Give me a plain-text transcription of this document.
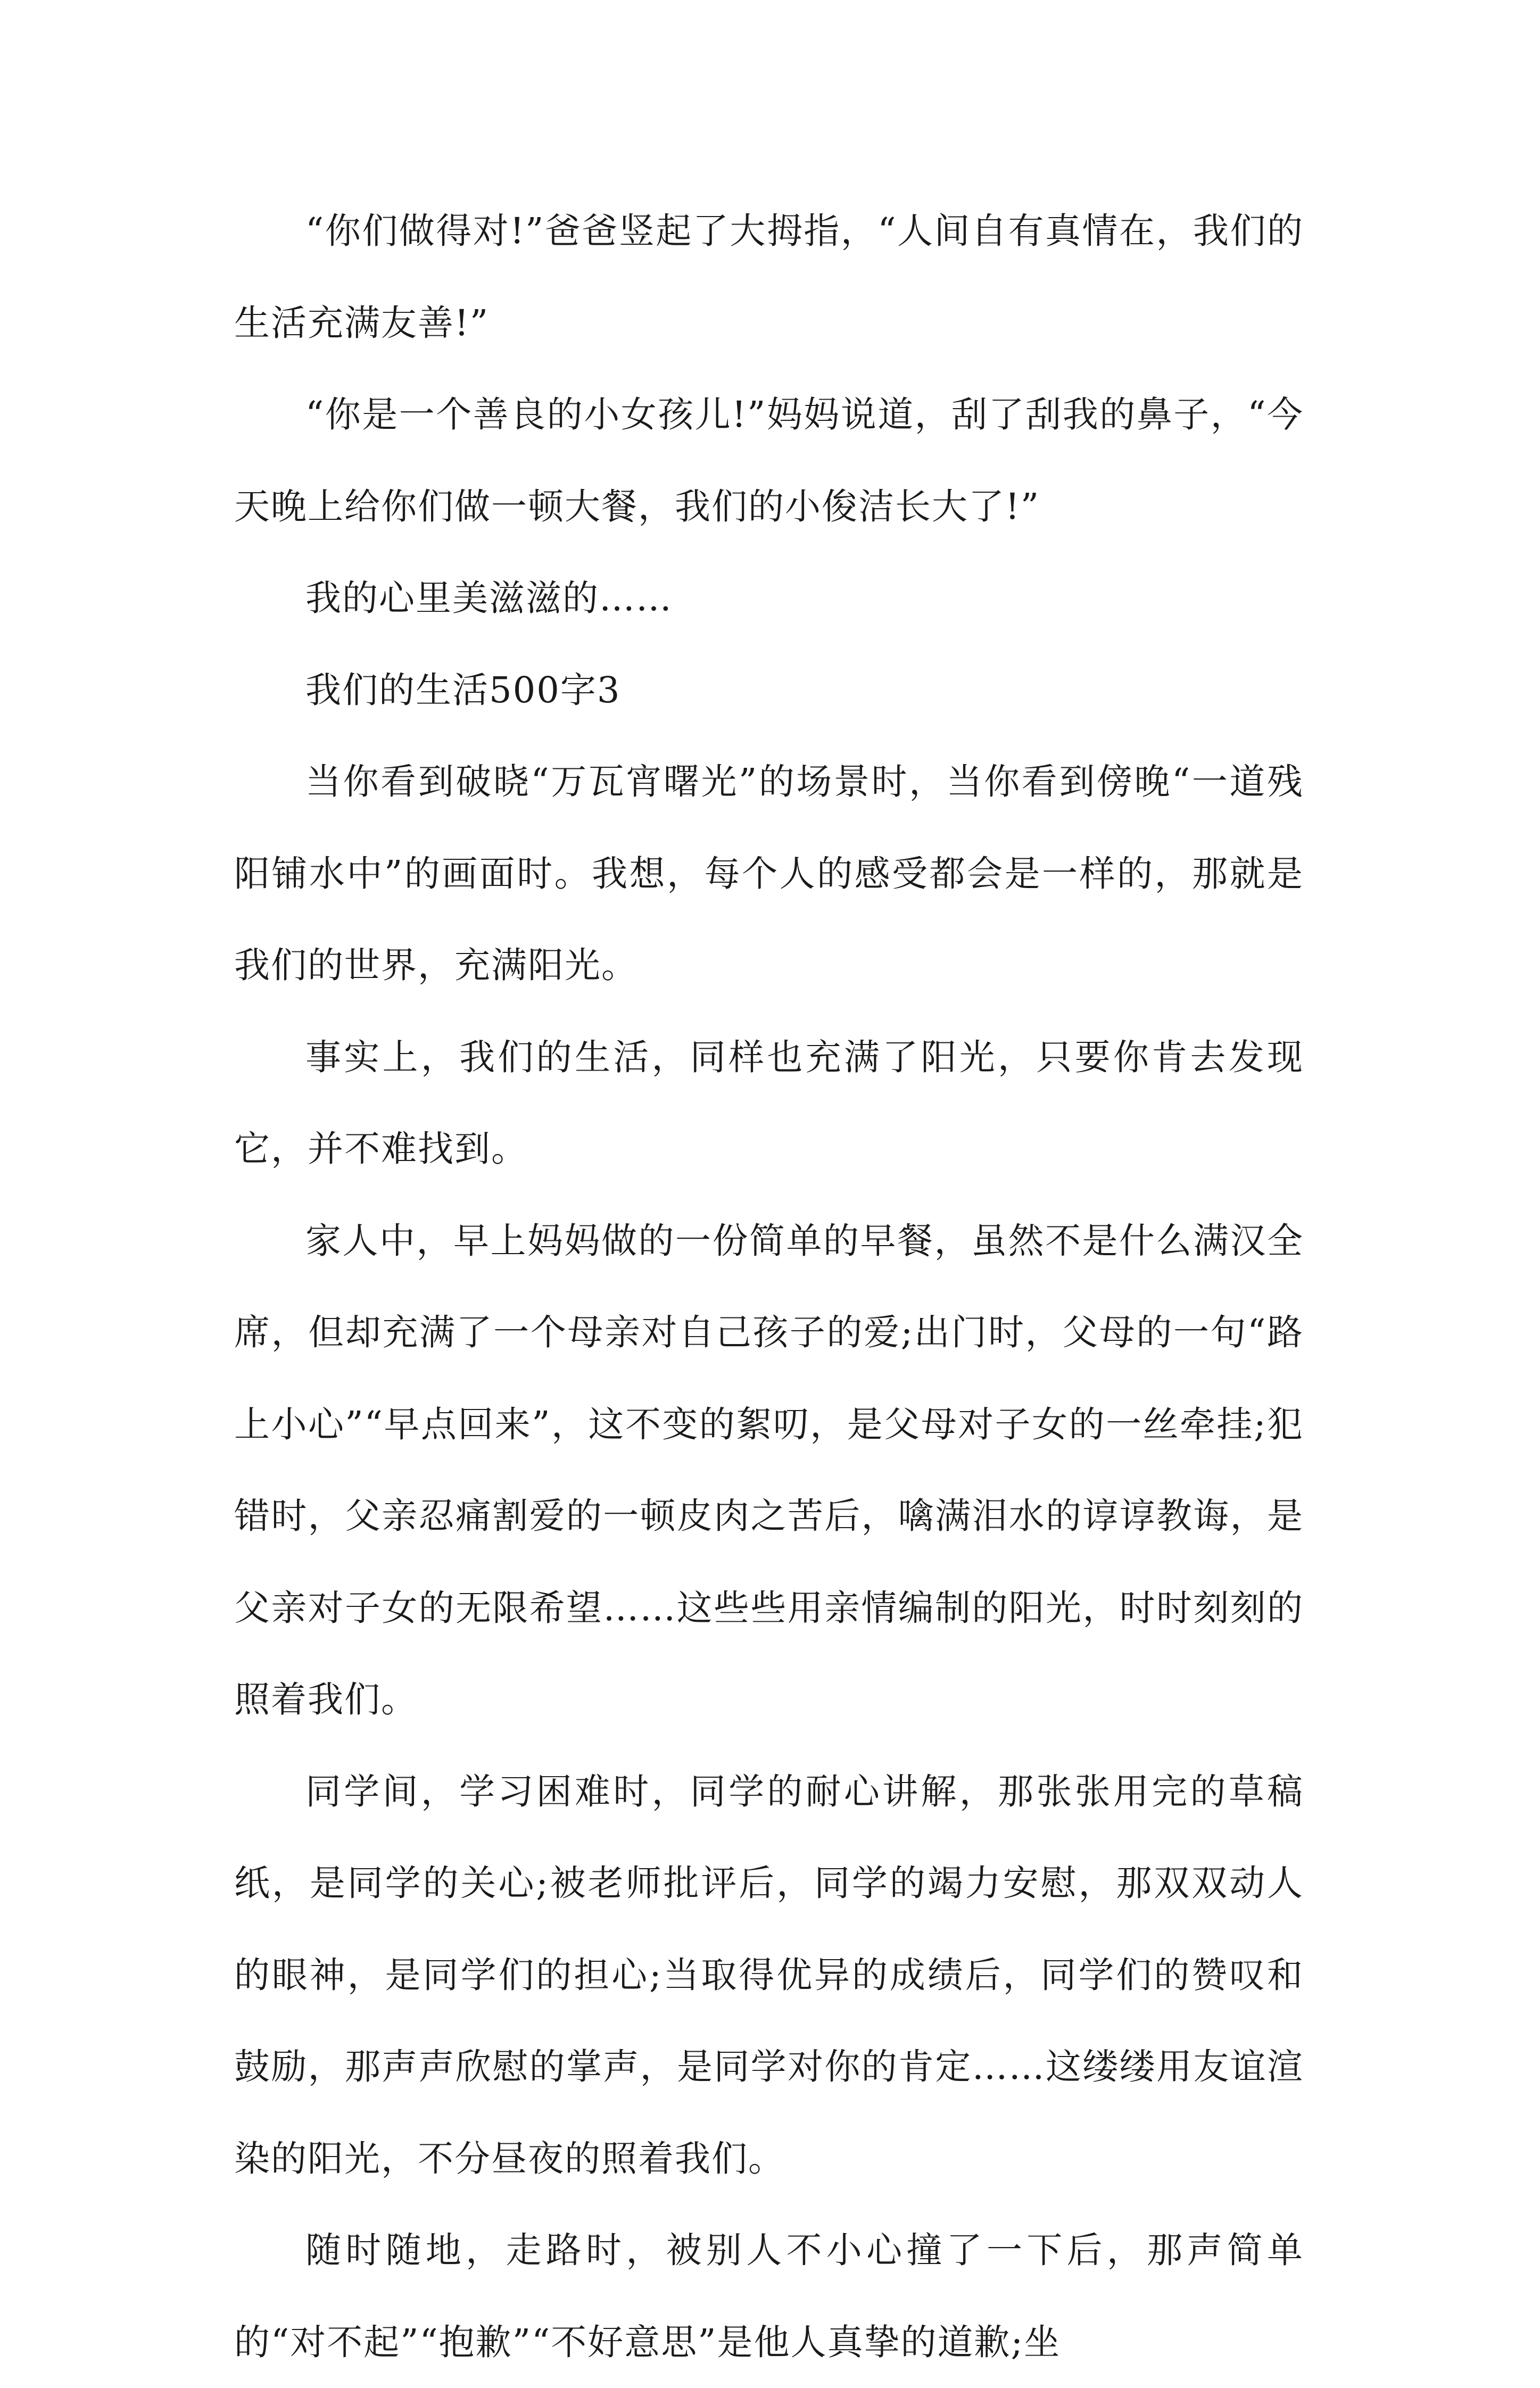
“你们做得对!”爸爸竖起了大拇指，“人间自有真情在，我们的生活充满友善!”

“你是一个善良的小女孩儿!”妈妈说道，刮了刮我的鼻子，“今天晚上给你们做一顿大餐，我们的小俊洁长大了!”

我的心里美滋滋的……

我们的生活500字3

当你看到破晓“万瓦宵曙光”的场景时，当你看到傍晚“一道残阳铺水中”的画面时。我想，每个人的感受都会是一样的，那就是我们的世界，充满阳光。

事实上，我们的生活，同样也充满了阳光，只要你肯去发现它，并不难找到。

家人中，早上妈妈做的一份简单的早餐，虽然不是什么满汉全席，但却充满了一个母亲对自己孩子的爱;出门时，父母的一句“路上小心”“早点回来”，这不变的絮叨，是父母对子女的一丝牵挂;犯错时，父亲忍痛割爱的一顿皮肉之苦后，噙满泪水的谆谆教诲，是父亲对子女的无限希望……这些些用亲情编制的阳光，时时刻刻的照着我们。

同学间，学习困难时，同学的耐心讲解，那张张用完的草稿纸，是同学的关心;被老师批评后，同学的竭力安慰，那双双动人的眼神，是同学们的担心;当取得优异的成绩后，同学们的赞叹和鼓励，那声声欣慰的掌声，是同学对你的肯定……这缕缕用友谊渲染的阳光，不分昼夜的照着我们。

随时随地，走路时，被别人不小心撞了一下后，那声简单的“对不起”“抱歉”“不好意思”是他人真挚的道歉;坐
